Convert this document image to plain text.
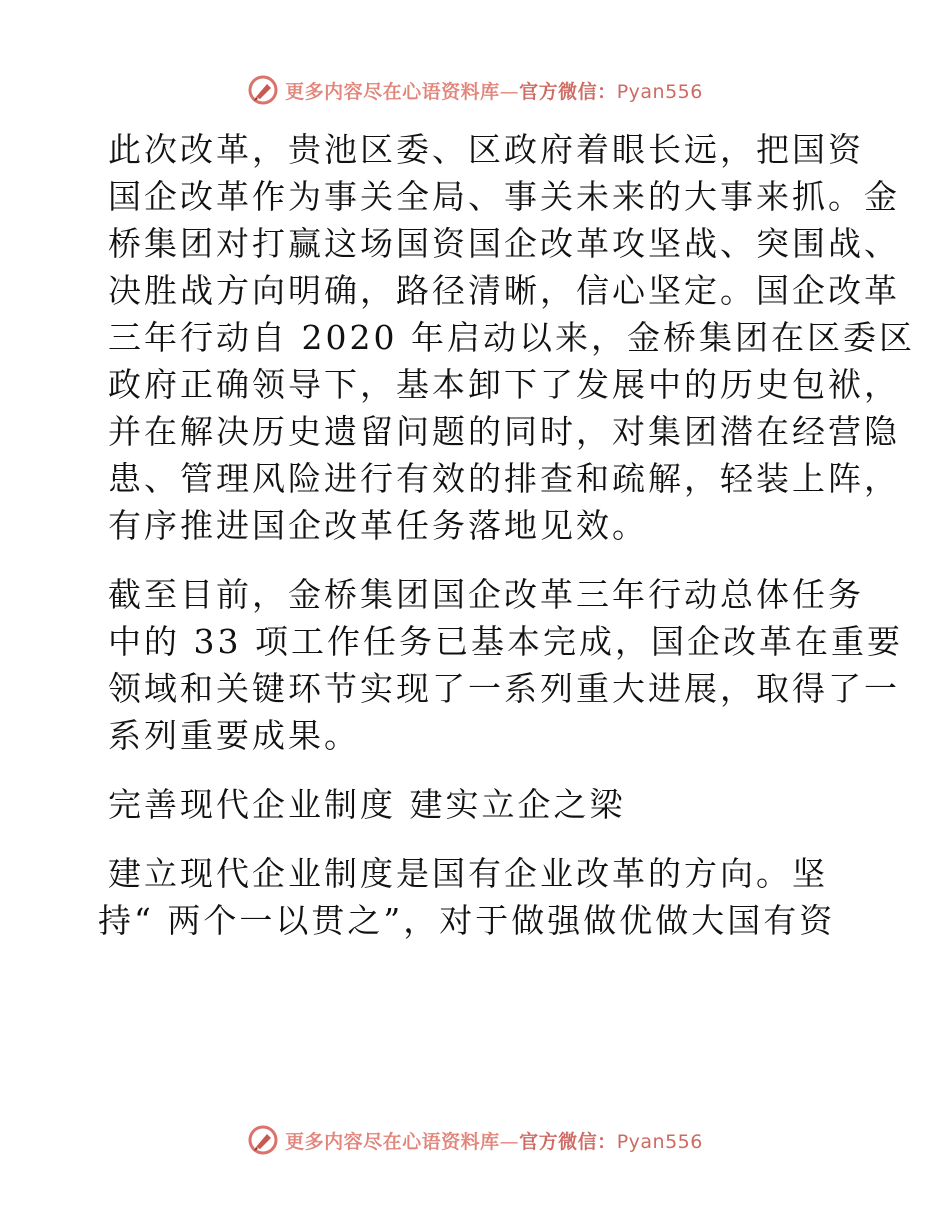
更多内容尽在心语资料库—官方微信：Pyan556
此次改革，贵池区委、区政府着眼长远，把国资
国企改革作为事关全局、事关未来的大事来抓。金
桥集团对打赢这场国资国企改革攻坚战、突围战、
决胜战方向明确，路径清晰，信心坚定。国企改革
三年行动自 2020 年启动以来，金桥集团在区委区
政府正确领导下，基本卸下了发展中的历史包袱，
并在解决历史遗留问题的同时，对集团潜在经营隐
患、管理风险进行有效的排查和疏解，轻装上阵，
有序推进国企改革任务落地见效。
截至目前，金桥集团国企改革三年行动总体任务
中的 33 项工作任务已基本完成，国企改革在重要
领域和关键环节实现了一系列重大进展，取得了一
系列重要成果。
完善现代企业制度 建实立企之梁
建立现代企业制度是国有企业改革的方向。坚
持“ 两个一以贯之”，对于做强做优做大国有资
更多内容尽在心语资料库—官方微信：Pyan556
